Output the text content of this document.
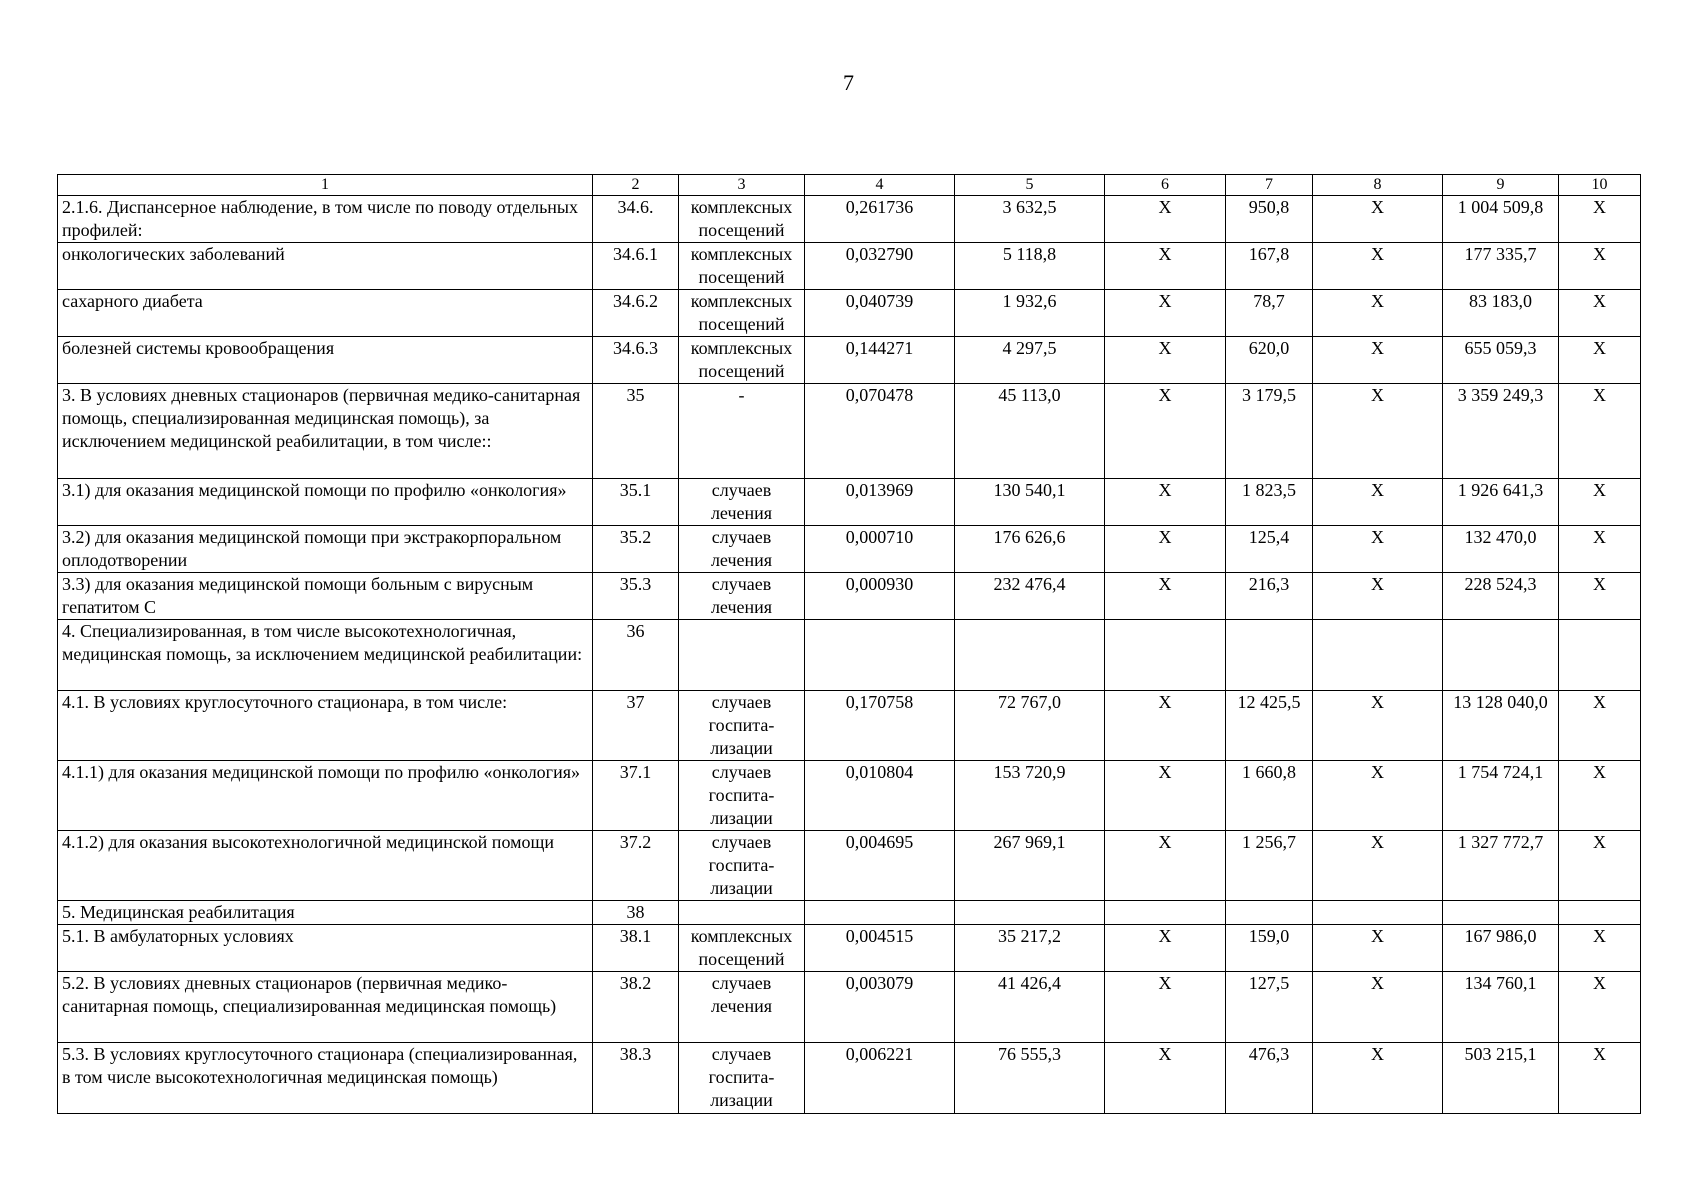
7
1	2	3	4	5	6	7	8	9	10
2.1.6. Диспансерное наблюдение, в том числе по поводу отдельных профилей:	34.6.	комплексных посещений	0,261736	3 632,5	Х	950,8	Х	1 004 509,8	Х
онкологических заболеваний	34.6.1	комплексных посещений	0,032790	5 118,8	Х	167,8	Х	177 335,7	Х
сахарного диабета	34.6.2	комплексных посещений	0,040739	1 932,6	Х	78,7	Х	83 183,0	Х
болезней системы кровообращения	34.6.3	комплексных посещений	0,144271	4 297,5	Х	620,0	Х	655 059,3	Х
3. В условиях дневных стационаров (первичная медико-санитарная помощь, специализированная медицинская помощь), за исключением медицинской реабилитации, в том числе::	35	-	0,070478	45 113,0	Х	3 179,5	Х	3 359 249,3	Х
3.1) для оказания медицинской помощи по профилю «онкология»	35.1	случаев лечения	0,013969	130 540,1	Х	1 823,5	Х	1 926 641,3	Х
3.2) для оказания медицинской помощи при экстракорпоральном оплодотворении	35.2	случаев лечения	0,000710	176 626,6	Х	125,4	Х	132 470,0	Х
3.3) для оказания медицинской помощи больным с вирусным гепатитом С	35.3	случаев лечения	0,000930	232 476,4	Х	216,3	Х	228 524,3	Х
4. Специализированная, в том числе высокотехнологичная, медицинская помощь, за исключением медицинской реабилитации:	36								
4.1. В условиях круглосуточного стационара, в том числе:	37	случаев госпита-лизации	0,170758	72 767,0	Х	12 425,5	Х	13 128 040,0	Х
4.1.1) для оказания медицинской помощи по профилю «онкология»	37.1	случаев госпита-лизации	0,010804	153 720,9	Х	1 660,8	Х	1 754 724,1	Х
4.1.2) для оказания высокотехнологичной медицинской помощи	37.2	случаев госпита-лизации	0,004695	267 969,1	Х	1 256,7	Х	1 327 772,7	Х
5. Медицинская реабилитация	38								
5.1. В амбулаторных условиях	38.1	комплексных посещений	0,004515	35 217,2	Х	159,0	Х	167 986,0	Х
5.2. В условиях дневных стационаров (первичная медико-санитарная помощь, специализированная медицинская помощь)	38.2	случаев лечения	0,003079	41 426,4	Х	127,5	Х	134 760,1	Х
5.3. В условиях круглосуточного стационара (специализированная, в том числе высокотехнологичная медицинская помощь)	38.3	случаев госпита-лизации	0,006221	76 555,3	Х	476,3	Х	503 215,1	Х
